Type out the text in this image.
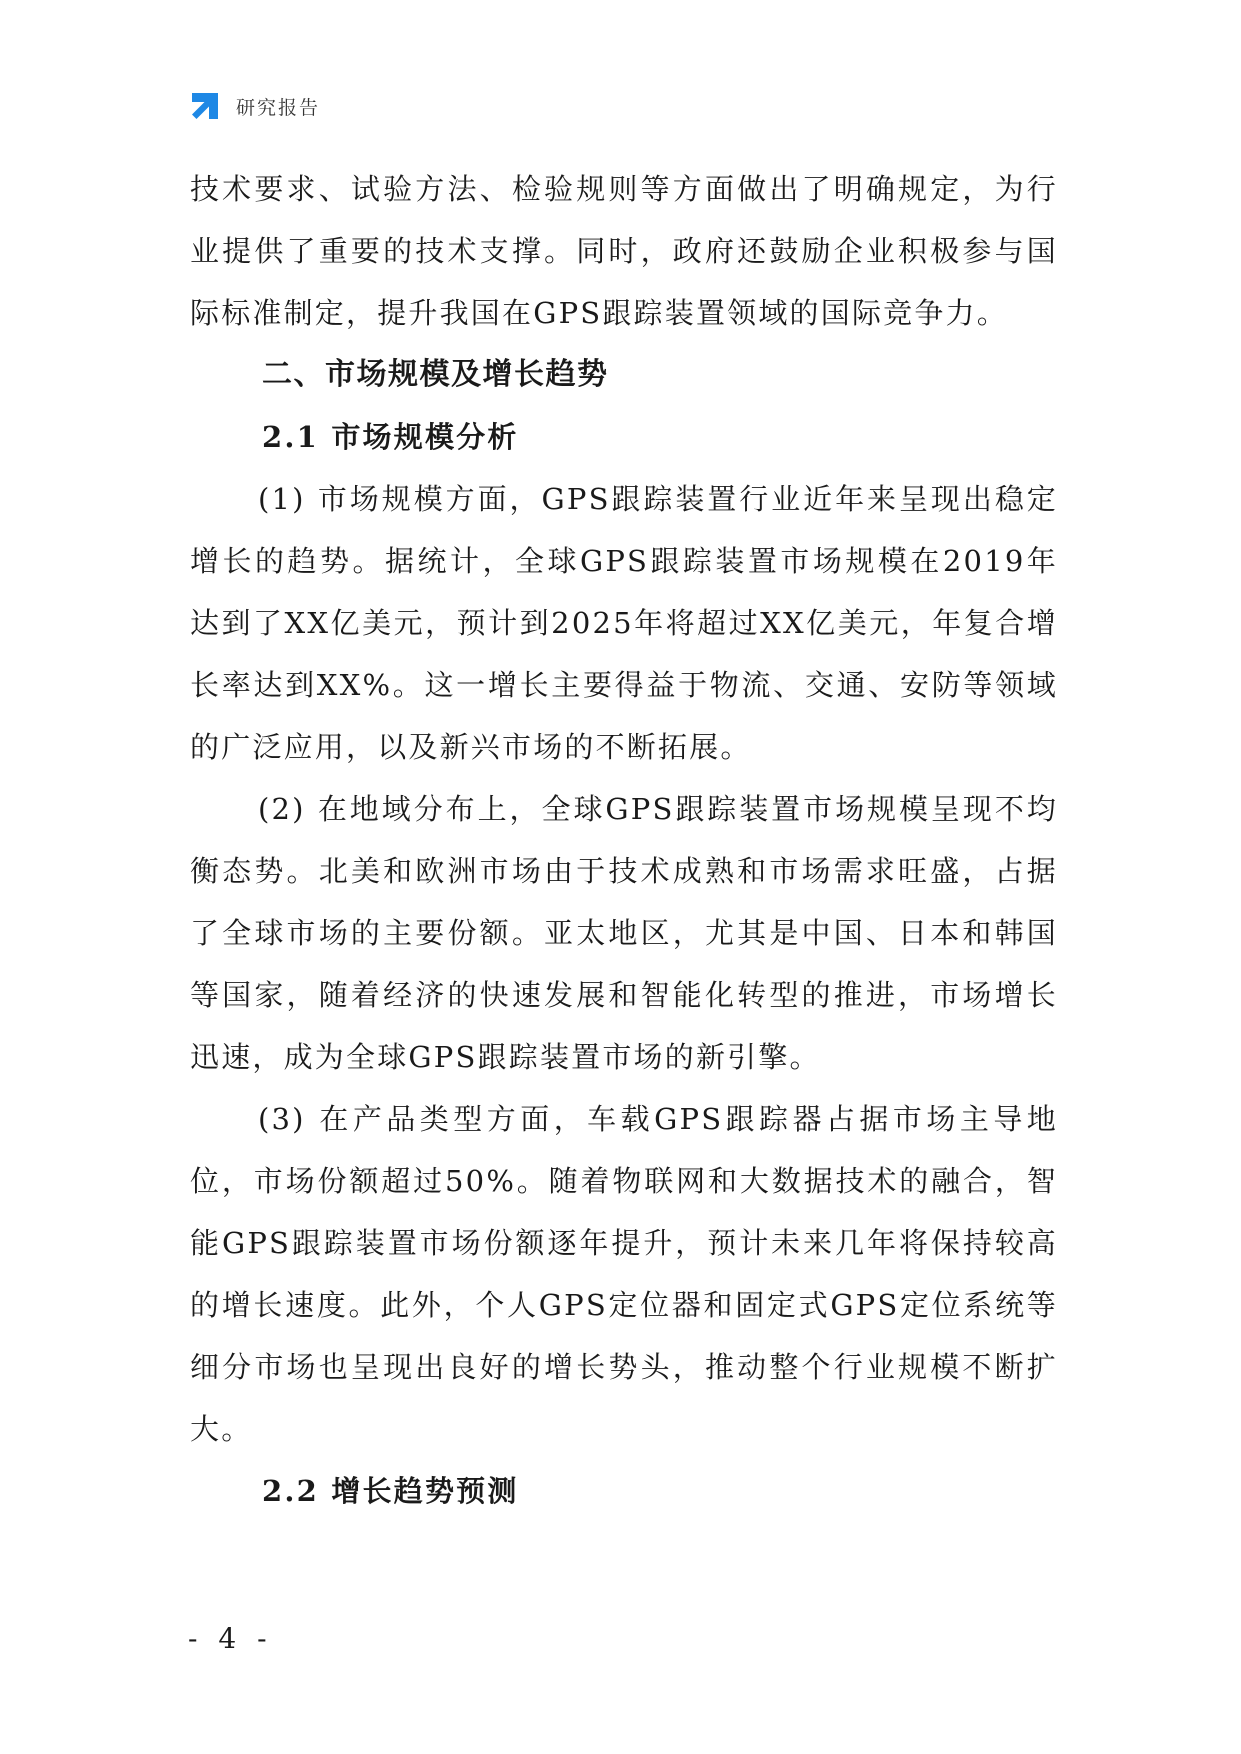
研究报告

技术要求、试验方法、检验规则等方面做出了明确规定，为行业提供了重要的技术支撑。同时，政府还鼓励企业积极参与国际标准制定，提升我国在GPS跟踪装置领域的国际竞争力。

二、市场规模及增长趋势
2.1 市场规模分析

(1) 市场规模方面，GPS跟踪装置行业近年来呈现出稳定增长的趋势。据统计，全球GPS跟踪装置市场规模在2019年达到了XX亿美元，预计到2025年将超过XX亿美元，年复合增长率达到XX%。这一增长主要得益于物流、交通、安防等领域的广泛应用，以及新兴市场的不断拓展。

(2) 在地域分布上，全球GPS跟踪装置市场规模呈现不均衡态势。北美和欧洲市场由于技术成熟和市场需求旺盛，占据了全球市场的主要份额。亚太地区，尤其是中国、日本和韩国等国家，随着经济的快速发展和智能化转型的推进，市场增长迅速，成为全球GPS跟踪装置市场的新引擎。

(3) 在产品类型方面，车载GPS跟踪器占据市场主导地位，市场份额超过50%。随着物联网和大数据技术的融合，智能GPS跟踪装置市场份额逐年提升，预计未来几年将保持较高的增长速度。此外，个人GPS定位器和固定式GPS定位系统等细分市场也呈现出良好的增长势头，推动整个行业规模不断扩大。

2.2 增长趋势预测
- 4 -
